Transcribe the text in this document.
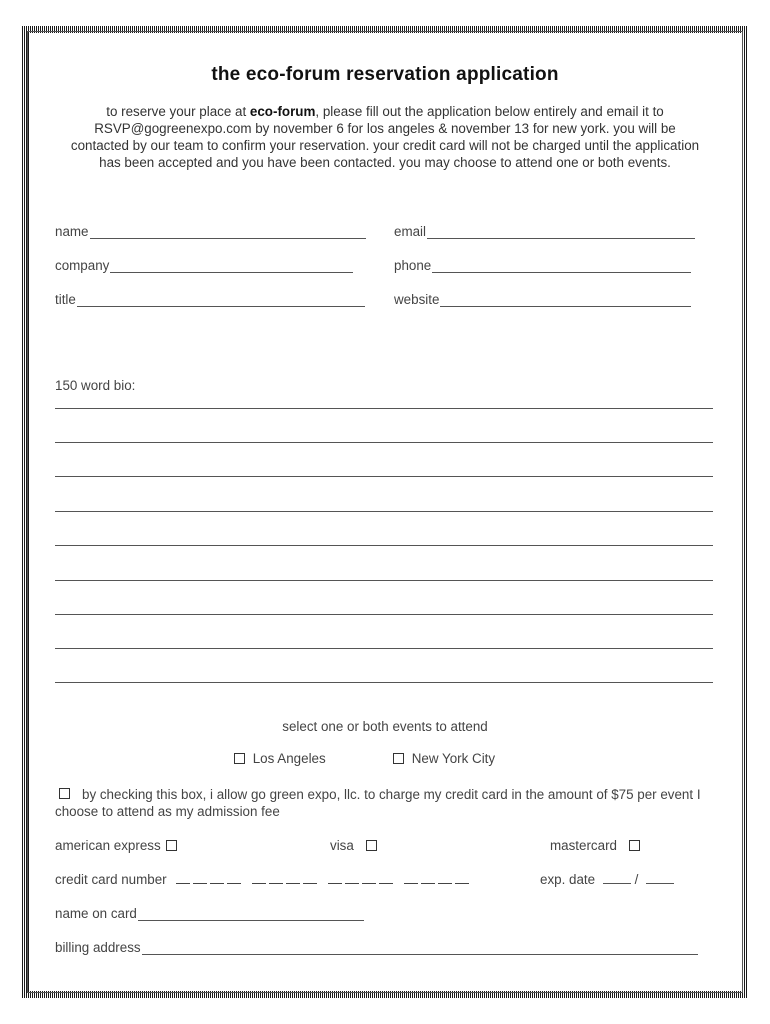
the eco-forum reservation application
to reserve your place at eco-forum, please fill out the application below entirely and email it to RSVP@gogreenexpo.com by november 6 for los angeles & november 13 for new york. you will be contacted by our team to confirm your reservation. your credit card will not be charged until the application has been accepted and you have been contacted. you may choose to attend one or both events.
name	email
company	phone
title	website
150 word bio:
select one or both events to attend
Los Angeles	New York City
by checking this box, i allow go green expo, llc. to charge my credit card in the amount of $75 per event I choose to attend as my admission fee
american express	visa	mastercard
credit card number	exp. date	/
name on card
billing address
